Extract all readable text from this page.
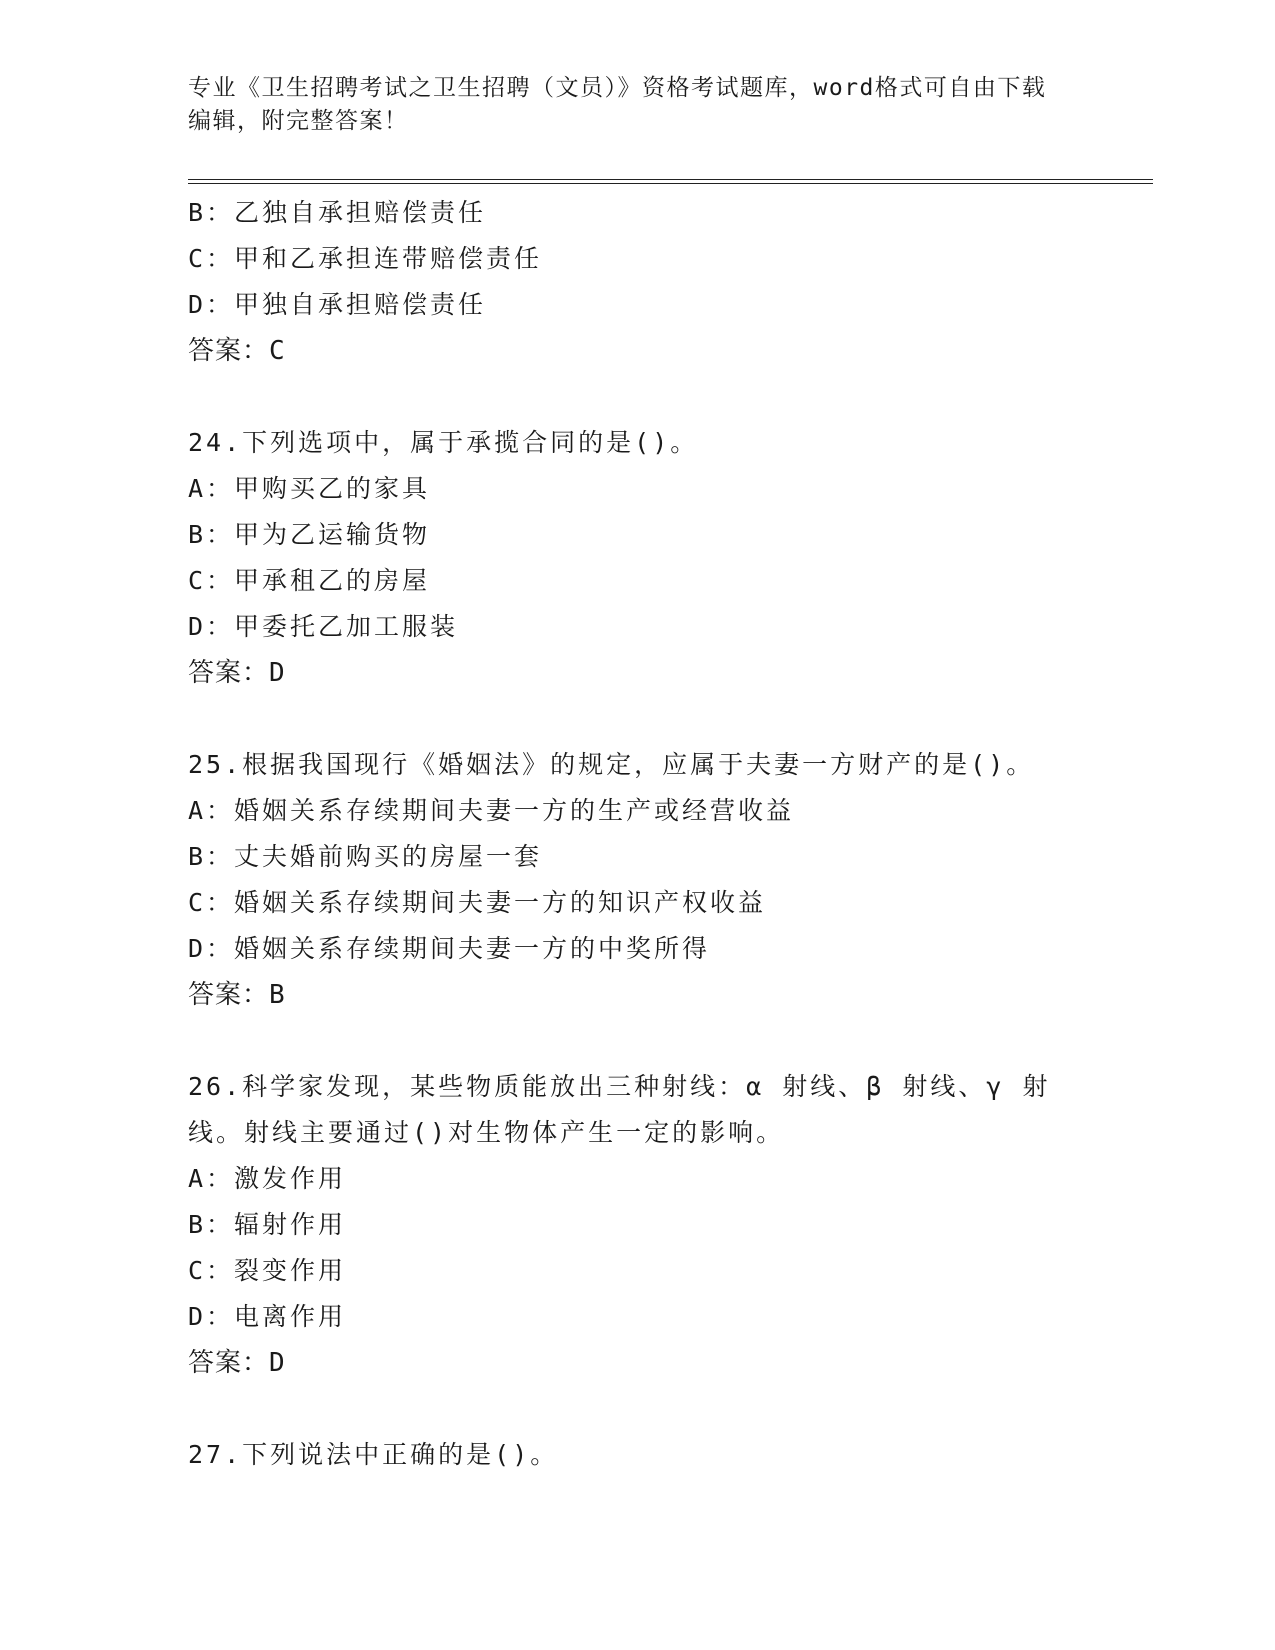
专业《卫生招聘考试之卫生招聘（文员）》资格考试题库，word格式可自由下载
编辑，附完整答案！
B：乙独自承担赔偿责任
C：甲和乙承担连带赔偿责任
D：甲独自承担赔偿责任
答案：C
24.下列选项中，属于承揽合同的是()。
A：甲购买乙的家具
B：甲为乙运输货物
C：甲承租乙的房屋
D：甲委托乙加工服装
答案：D
25.根据我国现行《婚姻法》的规定，应属于夫妻一方财产的是()。
A：婚姻关系存续期间夫妻一方的生产或经营收益
B：丈夫婚前购买的房屋一套
C：婚姻关系存续期间夫妻一方的知识产权收益
D：婚姻关系存续期间夫妻一方的中奖所得
答案：B
26.科学家发现，某些物质能放出三种射线：α 射线、β 射线、γ 射
线。射线主要通过()对生物体产生一定的影响。
A：激发作用
B：辐射作用
C：裂变作用
D：电离作用
答案：D
27.下列说法中正确的是()。
